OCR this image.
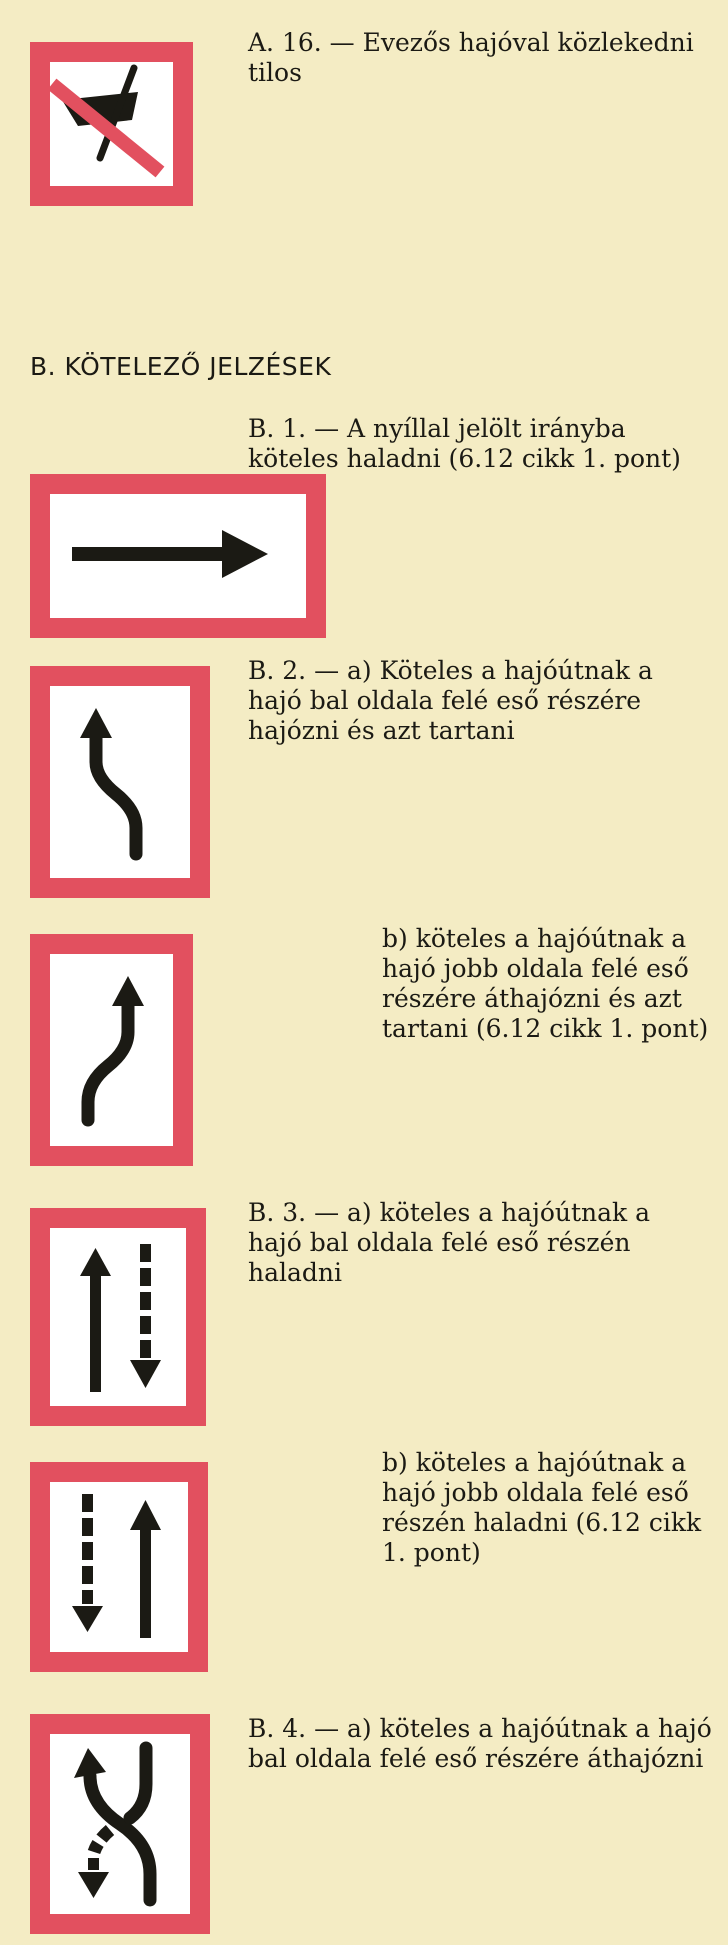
A. 16. — Evezős hajóval közlekedni tilos
B. KÖTELEZŐ JELZÉSEK
B. 1. — A nyíllal jelölt irányba köteles haladni (6.12 cikk 1. pont)
B. 2. — a) Köteles a hajóútnak a hajó bal oldala felé eső részére hajózni és azt tartani
b) köteles a hajóútnak a hajó jobb oldala felé eső részére áthajózni és azt tartani (6.12 cikk 1. pont)
B. 3. — a) köteles a hajóútnak a hajó bal oldala felé eső részén haladni
b) köteles a hajóútnak a hajó jobb oldala felé eső részén haladni (6.12 cikk 1. pont)
B. 4. — a) köteles a hajóútnak a hajó bal oldala felé eső részére áthajózni
